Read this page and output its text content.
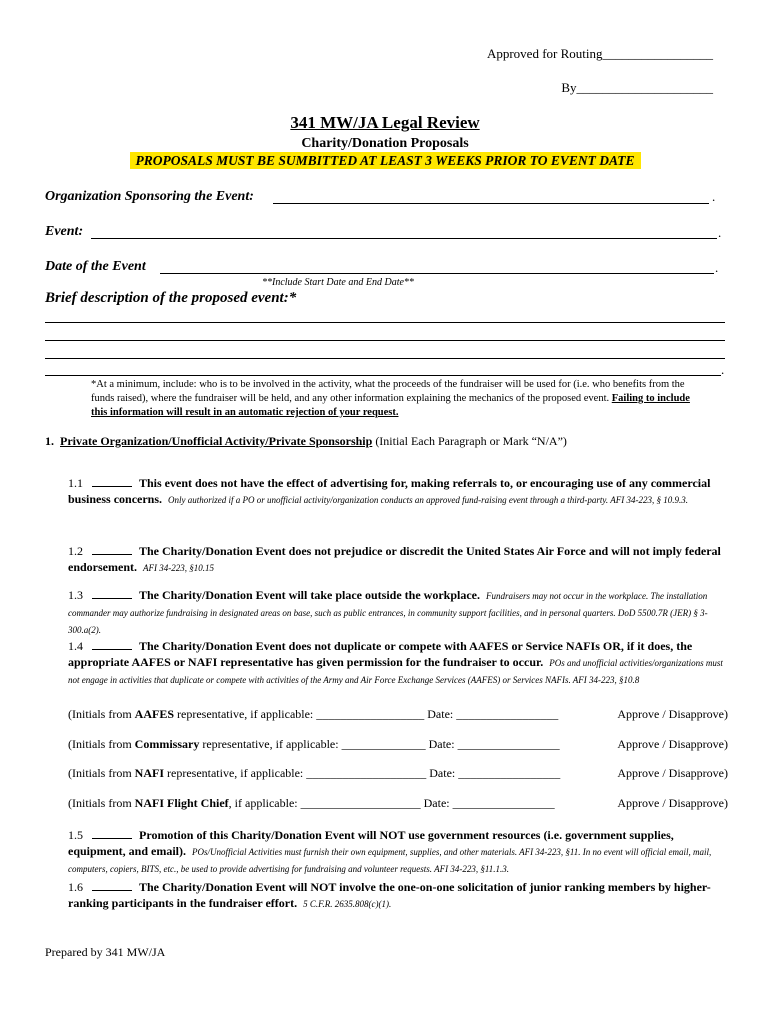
Approved for Routing_________________
By_____________________
341 MW/JA Legal Review
Charity/Donation Proposals
PROPOSALS MUST BE SUMBITTED AT LEAST 3 WEEKS PRIOR TO EVENT DATE
Organization Sponsoring the Event:	.
Event:	.
Date of the Event	.
**Include Start Date and End Date**
Brief description of the proposed event:*
.
*At a minimum, include: who is to be involved in the activity, what the proceeds of the fundraiser will be used for (i.e. who benefits from the funds raised), where the fundraiser will be held, and any other information explaining the mechanics of the proposed event. Failing to include this information will result in an automatic rejection of your request.
1. Private Organization/Unofficial Activity/Private Sponsorship (Initial Each Paragraph or Mark “N/A”)
1.1	This event does not have the effect of advertising for, making referrals to, or encouraging use of any commercial business concerns. Only authorized if a PO or unofficial activity/organization conducts an approved fund-raising event through a third-party. AFI 34-223, § 10.9.3.
1.2	The Charity/Donation Event does not prejudice or discredit the United States Air Force and will not imply federal endorsement. AFI 34-223, §10.15
1.3	The Charity/Donation Event will take place outside the workplace. Fundraisers may not occur in the workplace. The installation commander may authorize fundraising in designated areas on base, such as public entrances, in community support facilities, and in personal quarters. DoD 5500.7R (JER) § 3-300.a(2).
1.4	The Charity/Donation Event does not duplicate or compete with AAFES or Service NAFIs OR, if it does, the appropriate AAFES or NAFI representative has given permission for the fundraiser to occur. POs and unofficial activities/organizations must not engage in activities that duplicate or compete with activities of the Army and Air Force Exchange Services (AAFES) or Services NAFIs. AFI 34-223, §10.8
(Initials from AAFES representative, if applicable: __________________ Date: _________________	Approve / Disapprove)
(Initials from Commissary representative, if applicable: ______________ Date: _________________	Approve / Disapprove)
(Initials from NAFI representative, if applicable: ____________________ Date: _________________	Approve / Disapprove)
(Initials from NAFI Flight Chief, if applicable: ____________________ Date: _________________	Approve / Disapprove)
1.5	Promotion of this Charity/Donation Event will NOT use government resources (i.e. government supplies, equipment, and email). POs/Unofficial Activities must furnish their own equipment, supplies, and other materials. AFI 34-223, §11. In no event will official email, mail, computers, copiers, BITS, etc., be used to provide advertising for fundraising and volunteer requests. AFI 34-223, §11.1.3.
1.6	The Charity/Donation Event will NOT involve the one-on-one solicitation of junior ranking members by higher-ranking participants in the fundraiser effort. 5 C.F.R. 2635.808(c)(1).
Prepared by 341 MW/JA
